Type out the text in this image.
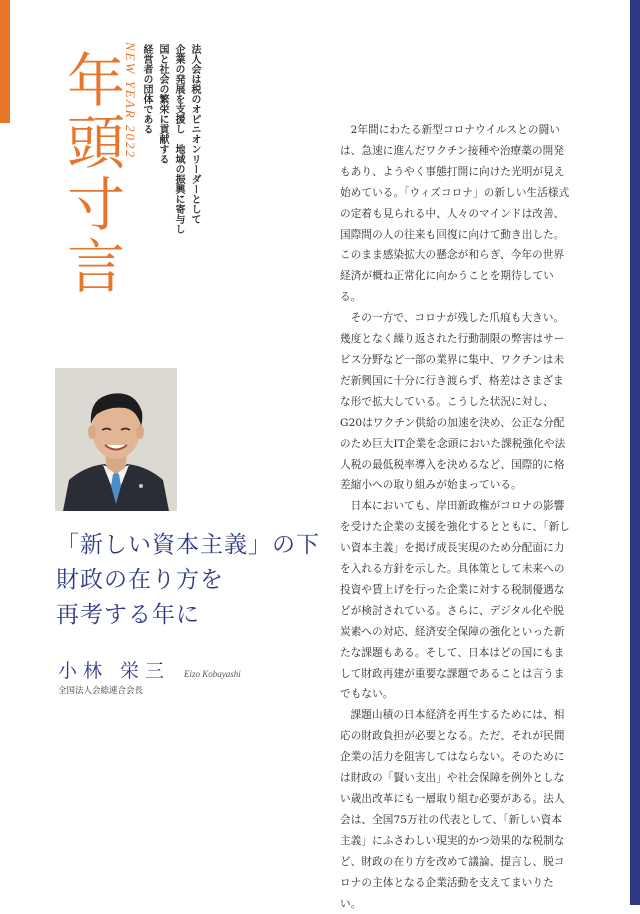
年頭寸言
NEW YEAR 2022	法人会は税のオピニオンリーダーとして
企業の発展を支援し　地域の振興に寄与し
国と社会の繁栄に貢献する
経営者の団体である
「新しい資本主義」の下
財政の在り方を
再考する年に
小林 栄三 Eizo Kobayashi
全国法人会総連合会長

2年間にわたる新型コロナウイルスとの闘いは、急速に進んだワクチン接種や治療薬の開発もあり、ようやく事態打開に向けた光明が見え始めている。「ウィズコロナ」の新しい生活様式の定着も見られる中、人々のマインドは改善、国際間の人の往来も回復に向けて動き出した。このまま感染拡大の懸念が和らぎ、今年の世界経済が概ね正常化に向かうことを期待している。

その一方で、コロナが残した爪痕も大きい。幾度となく繰り返された行動制限の弊害はサービス分野など一部の業界に集中、ワクチンは未だ新興国に十分に行き渡らず、格差はさまざまな形で拡大している。こうした状況に対し、G20はワクチン供給の加速を決め、公正な分配のため巨大IT企業を念頭においた課税強化や法人税の最低税率導入を決めるなど、国際的に格差縮小への取り組みが始まっている。

日本においても、岸田新政権がコロナの影響を受けた企業の支援を強化するとともに、「新しい資本主義」を掲げ成長実現のため分配面に力を入れる方針を示した。具体策として未来への投資や賃上げを行った企業に対する税制優遇などが検討されている。さらに、デジタル化や脱炭素への対応、経済安全保障の強化といった新たな課題もある。そして、日本はどの国にもまして財政再建が重要な課題であることは言うまでもない。

課題山積の日本経済を再生するためには、相応の財政負担が必要となる。ただ、それが民間企業の活力を阻害してはならない。そのためには財政の「賢い支出」や社会保障を例外としない歳出改革にも一層取り組む必要がある。法人会は、全国75万社の代表として、「新しい資本主義」にふさわしい現実的かつ効果的な税制など、財政の在り方を改めて議論、提言し、脱コロナの主体となる企業活動を支えてまいりたい。
